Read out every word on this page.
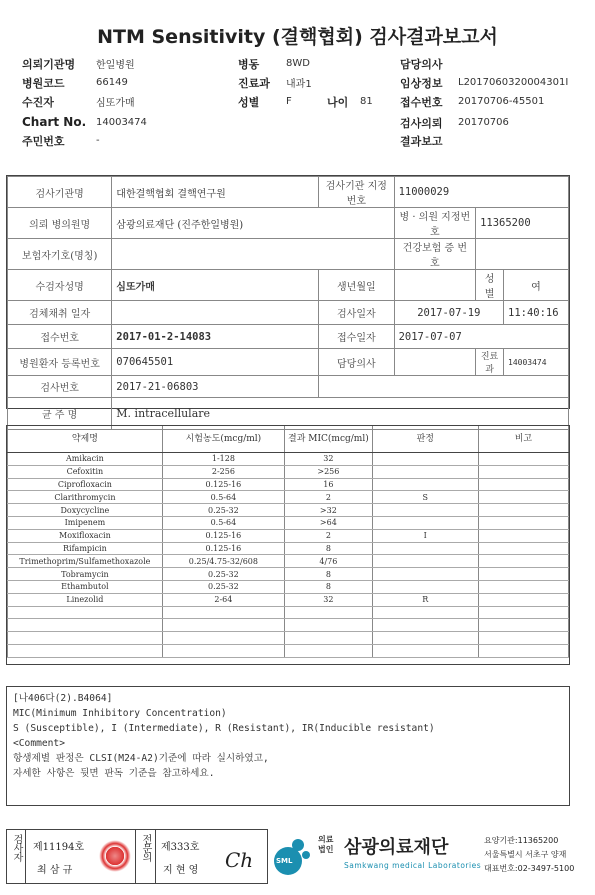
NTM Sensitivity (결핵협회) 검사결과보고서
의뢰기관명 한일병원
병원코드	66149
수진자	심또가매
Chart No. 14003474
주민번호	-
병동	8WD
진료과 내과1
성별	F	나이 81
담당의사
임상정보 L2017060320004301I
접수번호 20170706-45501
검사의뢰 20170706
결과보고
검사기관명	대한결핵협회 결핵연구원	검사기관 지정번호	11000029		
의뢰 병의원명	삼광의료재단 (진주한일병원)		병 · 의원 지정번호	11365200	
보험자기호(명칭)			건강보험 증 번 호		
수검자성명	심또가매	생년월일		성별	여
검체채취 일자		검사일자	2017-07-19		11:40:16
접수번호	2017-01-2-14083	접수일자	2017-07-07		
병원환자 등록번호	070645501	담당의사		진료과	14003474
검사번호	2017-21-06803				
균 주 명	M. intracellulare				
약제명	시험농도(mcg/ml)	결과 MIC(mcg/ml)	판정	비고
Amikacin	1-128	32		
Cefoxitin	2-256	>256		
Ciprofloxacin	0.125-16	16		
Clarithromycin	0.5-64	2	S	
Doxycycline	0.25-32	>32		
Imipenem	0.5-64	>64		
Moxifloxacin	0.125-16	2	I	
Rifampicin	0.125-16	8		
Trimethoprim/Sulfamethoxazole	0.25/4.75-32/608	4/76		
Tobramycin	0.25-32	8		
Ethambutol	0.25-32	8		
Linezolid	2-64	32	R	

[나406다(2).B4064]
MIC(Minimum Inhibitory Concentration)
S (Susceptible), I (Intermediate), R (Resistant), IR(Inducible resistant)
<Comment>
항생제별 판정은 CLSI(M24-A2)기준에 따라 실시하였고,
자세한 사항은 뒷면 판독 기준을 참고하세요.
검사자 제11194호
최 삼 규
전문의 제333호
지 현 영 Ch	SML
의료 법인 삼광의료재단
Samkwang medical Laboratories
요양기관:11365200
서울특별시 서초구 양재
대표번호:02-3497-5100
